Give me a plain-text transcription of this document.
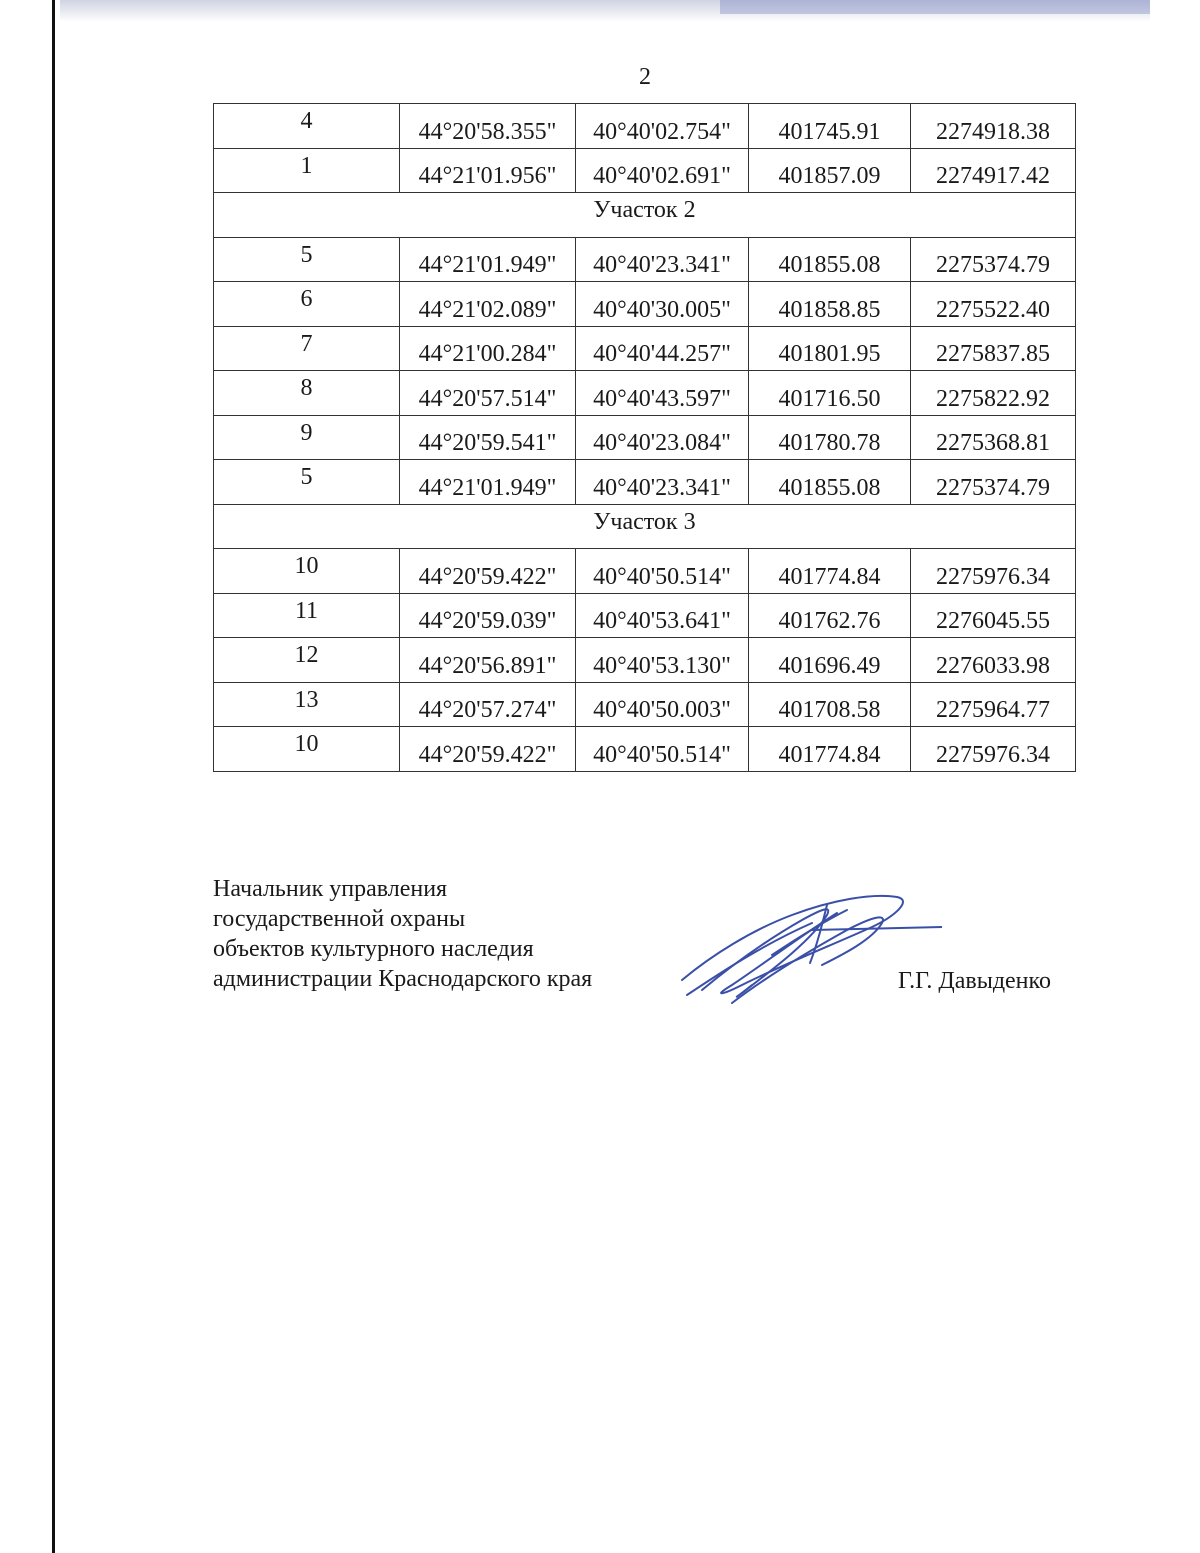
2
4	44°20'58.355"	40°40'02.754"	401745.91	2274918.38
1	44°21'01.956"	40°40'02.691"	401857.09	2274917.42
Участок 2				
5	44°21'01.949"	40°40'23.341"	401855.08	2275374.79
6	44°21'02.089"	40°40'30.005"	401858.85	2275522.40
7	44°21'00.284"	40°40'44.257"	401801.95	2275837.85
8	44°20'57.514"	40°40'43.597"	401716.50	2275822.92
9	44°20'59.541"	40°40'23.084"	401780.78	2275368.81
5	44°21'01.949"	40°40'23.341"	401855.08	2275374.79
Участок 3				
10	44°20'59.422"	40°40'50.514"	401774.84	2275976.34
11	44°20'59.039"	40°40'53.641"	401762.76	2276045.55
12	44°20'56.891"	40°40'53.130"	401696.49	2276033.98
13	44°20'57.274"	40°40'50.003"	401708.58	2275964.77
10	44°20'59.422"	40°40'50.514"	401774.84	2275976.34
Начальник управления
государственной охраны
объектов культурного наследия
администрации Краснодарского края	Г.Г. Давыденко
